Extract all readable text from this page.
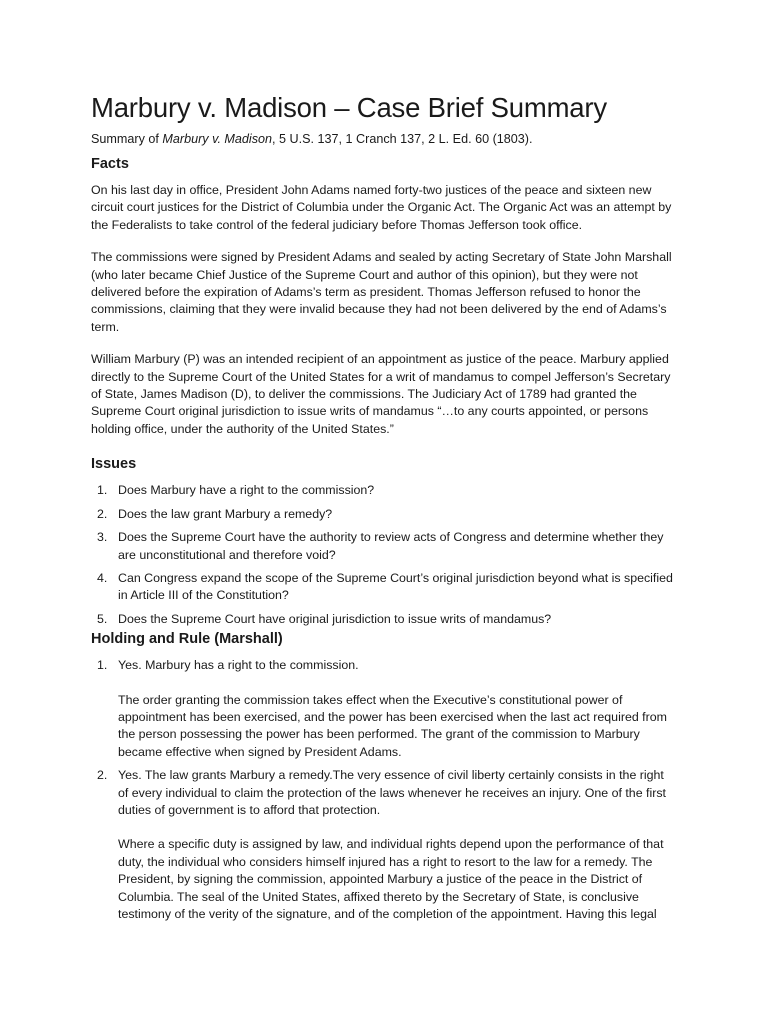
Marbury v. Madison – Case Brief Summary

Summary of Marbury v. Madison, 5 U.S. 137, 1 Cranch 137, 2 L. Ed. 60 (1803).

Facts

On his last day in office, President John Adams named forty-two justices of the peace and sixteen new circuit court justices for the District of Columbia under the Organic Act. The Organic Act was an attempt by the Federalists to take control of the federal judiciary before Thomas Jefferson took office.

The commissions were signed by President Adams and sealed by acting Secretary of State John Marshall (who later became Chief Justice of the Supreme Court and author of this opinion), but they were not delivered before the expiration of Adams’s term as president. Thomas Jefferson refused to honor the commissions, claiming that they were invalid because they had not been delivered by the end of Adams’s term.

William Marbury (P) was an intended recipient of an appointment as justice of the peace. Marbury applied directly to the Supreme Court of the United States for a writ of mandamus to compel Jefferson’s Secretary of State, James Madison (D), to deliver the commissions. The Judiciary Act of 1789 had granted the Supreme Court original jurisdiction to issue writs of mandamus “…to any courts appointed, or persons holding office, under the authority of the United States.”

Issues
1. Does Marbury have a right to the commission?
2. Does the law grant Marbury a remedy?
3. Does the Supreme Court have the authority to review acts of Congress and determine whether they are unconstitutional and therefore void?
4. Can Congress expand the scope of the Supreme Court’s original jurisdiction beyond what is specified in Article III of the Constitution?
5. Does the Supreme Court have original jurisdiction to issue writs of mandamus?
Holding and Rule (Marshall)
1. Yes. Marbury has a right to the commission.
The order granting the commission takes effect when the Executive’s constitutional power of appointment has been exercised, and the power has been exercised when the last act required from the person possessing the power has been performed. The grant of the commission to Marbury became effective when signed by President Adams.
2. Yes. The law grants Marbury a remedy.The very essence of civil liberty certainly consists in the right of every individual to claim the protection of the laws whenever he receives an injury. One of the first duties of government is to afford that protection.
Where a specific duty is assigned by law, and individual rights depend upon the performance of that duty, the individual who considers himself injured has a right to resort to the law for a remedy. The President, by signing the commission, appointed Marbury a justice of the peace in the District of Columbia. The seal of the United States, affixed thereto by the Secretary of State, is conclusive testimony of the verity of the signature, and of the completion of the appointment. Having this legal
